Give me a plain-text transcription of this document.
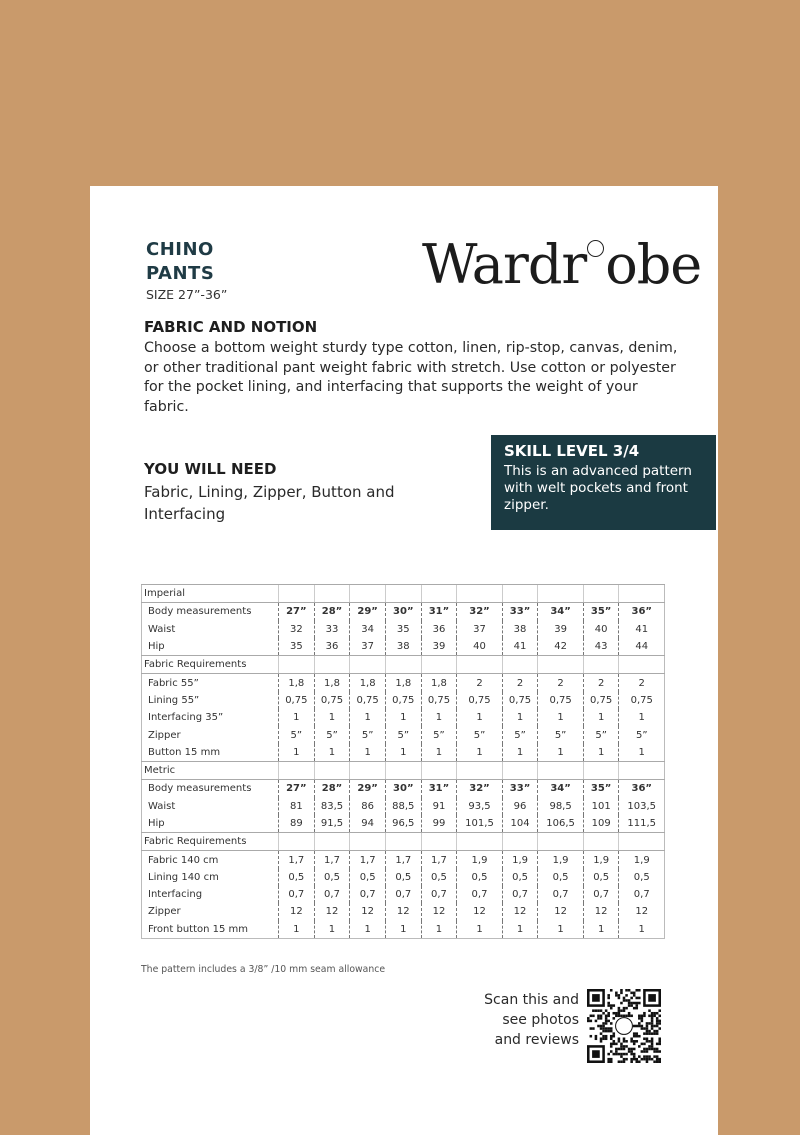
CHINO
PANTS
SIZE 27”-36”	Wardr obe
FABRIC AND NOTION
Choose a bottom weight sturdy type cotton, linen, rip-stop, canvas, denim, or other traditional pant weight fabric with stretch. Use cotton or polyester for the pocket lining, and interfacing that supports the weight of your fabric.
YOU WILL NEED
Fabric, Lining, Zipper, Button and Interfacing
SKILL LEVEL 3/4
This is an advanced pattern with welt pockets and front zipper.
Imperial										
Body measurements	27”	28”	29”	30”	31”	32”	33”	34”	35”	36”
Waist	32	33	34	35	36	37	38	39	40	41
Hip	35	36	37	38	39	40	41	42	43	44
Fabric Requirements										
Fabric 55”	1,8	1,8	1,8	1,8	1,8	2	2	2	2	2
Lining 55”	0,75	0,75	0,75	0,75	0,75	0,75	0,75	0,75	0,75	0,75
Interfacing 35”	1	1	1	1	1	1	1	1	1	1
Zipper	5”	5”	5”	5”	5”	5”	5”	5”	5”	5”
Button 15 mm	1	1	1	1	1	1	1	1	1	1
Metric										
Body measurements	27”	28”	29”	30”	31”	32”	33”	34”	35”	36”
Waist	81	83,5	86	88,5	91	93,5	96	98,5	101	103,5
Hip	89	91,5	94	96,5	99	101,5	104	106,5	109	111,5
Fabric Requirements										
Fabric 140 cm	1,7	1,7	1,7	1,7	1,7	1,9	1,9	1,9	1,9	1,9
Lining 140 cm	0,5	0,5	0,5	0,5	0,5	0,5	0,5	0,5	0,5	0,5
Interfacing	0,7	0,7	0,7	0,7	0,7	0,7	0,7	0,7	0,7	0,7
Zipper	12	12	12	12	12	12	12	12	12	12
Front button 15 mm	1	1	1	1	1	1	1	1	1	1
The pattern includes a 3/8” /10 mm seam allowance
Scan this and
see photos
and reviews
